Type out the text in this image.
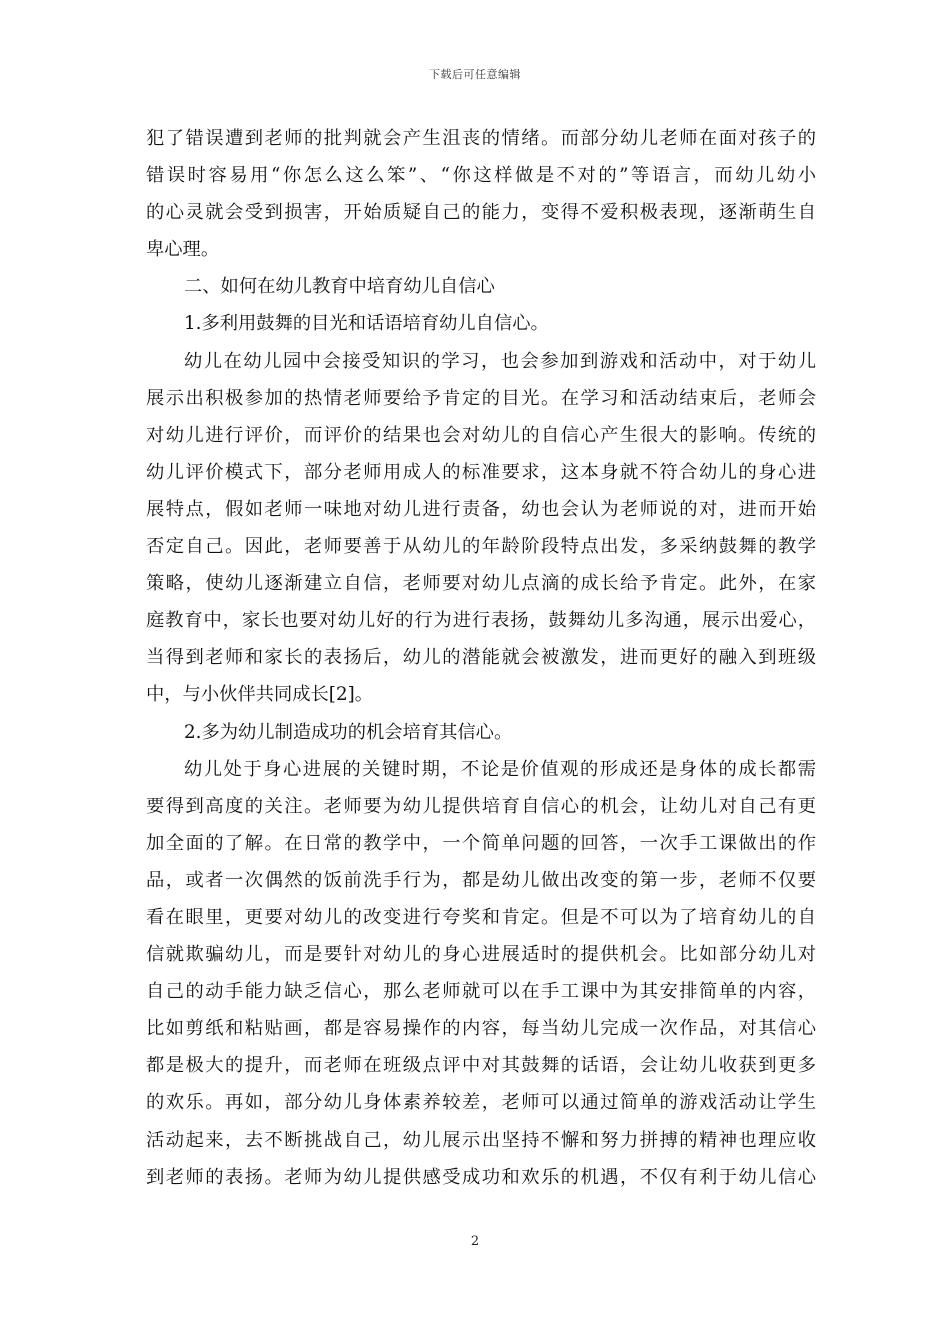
下载后可任意编辑
犯了错误遭到老师的批判就会产生沮丧的情绪。而部分幼儿老师在面对孩子的
错误时容易用“你怎么这么笨”、“你这样做是不对的”等语言，而幼儿幼小
的心灵就会受到损害，开始质疑自己的能力，变得不爱积极表现，逐渐萌生自
卑心理。
二、如何在幼儿教育中培育幼儿自信心
1.多利用鼓舞的目光和话语培育幼儿自信心。
幼儿在幼儿园中会接受知识的学习，也会参加到游戏和活动中，对于幼儿
展示出积极参加的热情老师要给予肯定的目光。在学习和活动结束后，老师会
对幼儿进行评价，而评价的结果也会对幼儿的自信心产生很大的影响。传统的
幼儿评价模式下，部分老师用成人的标准要求，这本身就不符合幼儿的身心进
展特点，假如老师一味地对幼儿进行责备，幼也会认为老师说的对，进而开始
否定自己。因此，老师要善于从幼儿的年龄阶段特点出发，多采纳鼓舞的教学
策略，使幼儿逐渐建立自信，老师要对幼儿点滴的成长给予肯定。此外，在家
庭教育中，家长也要对幼儿好的行为进行表扬，鼓舞幼儿多沟通，展示出爱心，
当得到老师和家长的表扬后，幼儿的潜能就会被激发，进而更好的融入到班级
中，与小伙伴共同成长[2]。
2.多为幼儿制造成功的机会培育其信心。
幼儿处于身心进展的关键时期，不论是价值观的形成还是身体的成长都需
要得到高度的关注。老师要为幼儿提供培育自信心的机会，让幼儿对自己有更
加全面的了解。在日常的教学中，一个简单问题的回答，一次手工课做出的作
品，或者一次偶然的饭前洗手行为，都是幼儿做出改变的第一步，老师不仅要
看在眼里，更要对幼儿的改变进行夸奖和肯定。但是不可以为了培育幼儿的自
信就欺骗幼儿，而是要针对幼儿的身心进展适时的提供机会。比如部分幼儿对
自己的动手能力缺乏信心，那么老师就可以在手工课中为其安排简单的内容，
比如剪纸和粘贴画，都是容易操作的内容，每当幼儿完成一次作品，对其信心
都是极大的提升，而老师在班级点评中对其鼓舞的话语，会让幼儿收获到更多
的欢乐。再如，部分幼儿身体素养较差，老师可以通过简单的游戏活动让学生
活动起来，去不断挑战自己，幼儿展示出坚持不懈和努力拼搏的精神也理应收
到老师的表扬。老师为幼儿提供感受成功和欢乐的机遇，不仅有利于幼儿信心
2
